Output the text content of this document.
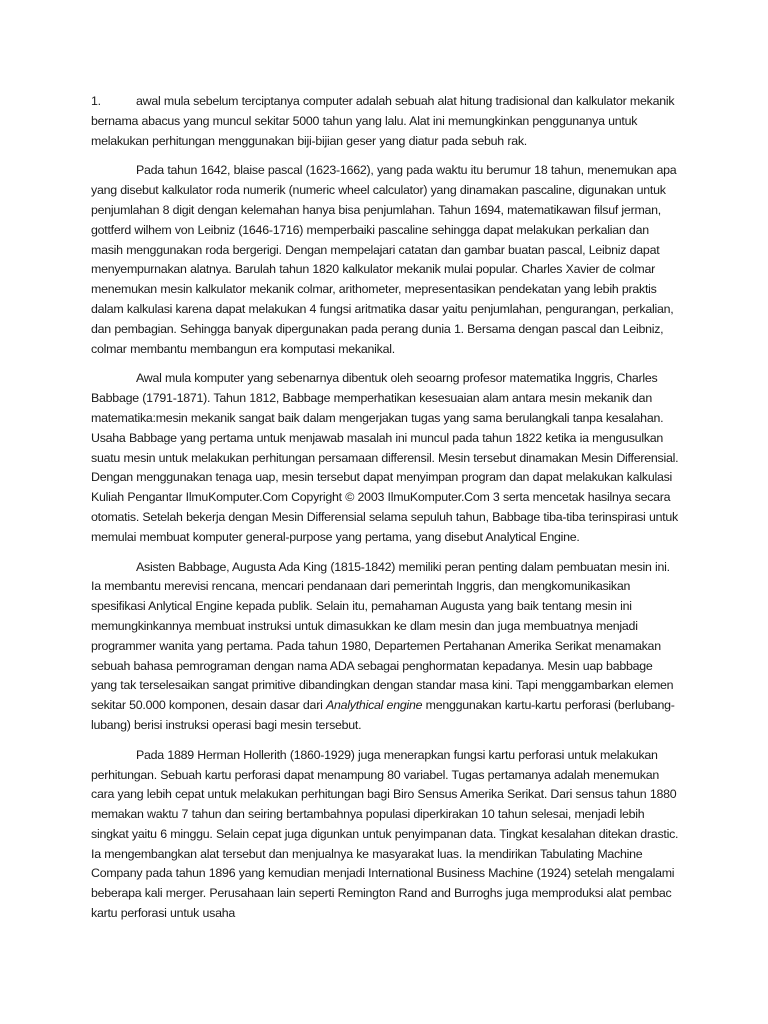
1.	awal mula sebelum terciptanya computer adalah sebuah alat hitung tradisional dan kalkulator mekanik bernama abacus yang muncul sekitar 5000 tahun yang lalu. Alat ini memungkinkan penggunanya untuk melakukan perhitungan menggunakan biji-bijian geser yang diatur pada sebuh rak.

Pada tahun 1642, blaise pascal (1623-1662), yang pada waktu itu berumur 18 tahun, menemukan apa yang disebut kalkulator roda numerik (numeric wheel calculator) yang dinamakan pascaline, digunakan untuk penjumlahan 8 digit dengan kelemahan hanya bisa penjumlahan. Tahun 1694, matematikawan filsuf jerman, gottferd wilhem von Leibniz (1646-1716) memperbaiki pascaline sehingga dapat melakukan perkalian dan masih menggunakan roda bergerigi. Dengan mempelajari catatan dan gambar buatan pascal, Leibniz dapat menyempurnakan alatnya. Barulah tahun 1820 kalkulator mekanik mulai popular. Charles Xavier de colmar menemukan mesin kalkulator mekanik colmar, arithometer, mepresentasikan pendekatan yang lebih praktis dalam kalkulasi karena dapat melakukan 4 fungsi aritmatika dasar yaitu penjumlahan, pengurangan, perkalian, dan pembagian. Sehingga banyak dipergunakan pada perang dunia 1. Bersama dengan pascal dan Leibniz, colmar membantu membangun era komputasi mekanikal.

Awal mula komputer yang sebenarnya dibentuk oleh seoarng profesor matematika Inggris, Charles Babbage (1791-1871). Tahun 1812, Babbage memperhatikan kesesuaian alam antara mesin mekanik dan matematika:mesin mekanik sangat baik dalam mengerjakan tugas yang sama berulangkali tanpa kesalahan. Usaha Babbage yang pertama untuk menjawab masalah ini muncul pada tahun 1822 ketika ia mengusulkan suatu mesin untuk melakukan perhitungan persamaan differensil. Mesin tersebut dinamakan Mesin Differensial. Dengan menggunakan tenaga uap, mesin tersebut dapat menyimpan program dan dapat melakukan kalkulasi Kuliah Pengantar IlmuKomputer.Com Copyright © 2003 IlmuKomputer.Com 3 serta mencetak hasilnya secara otomatis. Setelah bekerja dengan Mesin Differensial selama sepuluh tahun, Babbage tiba-tiba terinspirasi untuk memulai membuat komputer general-purpose yang pertama, yang disebut Analytical Engine.

Asisten Babbage, Augusta Ada King (1815-1842) memiliki peran penting dalam pembuatan mesin ini. Ia membantu merevisi rencana, mencari pendanaan dari pemerintah Inggris, dan mengkomunikasikan spesifikasi Anlytical Engine kepada publik. Selain itu, pemahaman Augusta yang baik tentang mesin ini memungkinkannya membuat instruksi untuk dimasukkan ke dlam mesin dan juga membuatnya menjadi programmer wanita yang pertama. Pada tahun 1980, Departemen Pertahanan Amerika Serikat menamakan sebuah bahasa pemrograman dengan nama ADA sebagai penghormatan kepadanya. Mesin uap babbage yang tak terselesaikan sangat primitive dibandingkan dengan standar masa kini. Tapi menggambarkan elemen sekitar 50.000 komponen, desain dasar dari Analythical engine menggunakan kartu-kartu perforasi (berlubang-lubang) berisi instruksi operasi bagi mesin tersebut.

Pada 1889 Herman Hollerith (1860-1929) juga menerapkan fungsi kartu perforasi untuk melakukan perhitungan. Sebuah kartu perforasi dapat menampung 80 variabel. Tugas pertamanya adalah menemukan cara yang lebih cepat untuk melakukan perhitungan bagi Biro Sensus Amerika Serikat. Dari sensus tahun 1880 memakan waktu 7 tahun dan seiring bertambahnya populasi diperkirakan 10 tahun selesai, menjadi lebih singkat yaitu 6 minggu. Selain cepat juga digunkan untuk penyimpanan data. Tingkat kesalahan ditekan drastic. Ia mengembangkan alat tersebut dan menjualnya ke masyarakat luas. Ia mendirikan Tabulating Machine Company pada tahun 1896 yang kemudian menjadi International Business Machine (1924) setelah mengalami beberapa kali merger. Perusahaan lain seperti Remington Rand and Burroghs juga memproduksi alat pembac kartu perforasi untuk usaha
